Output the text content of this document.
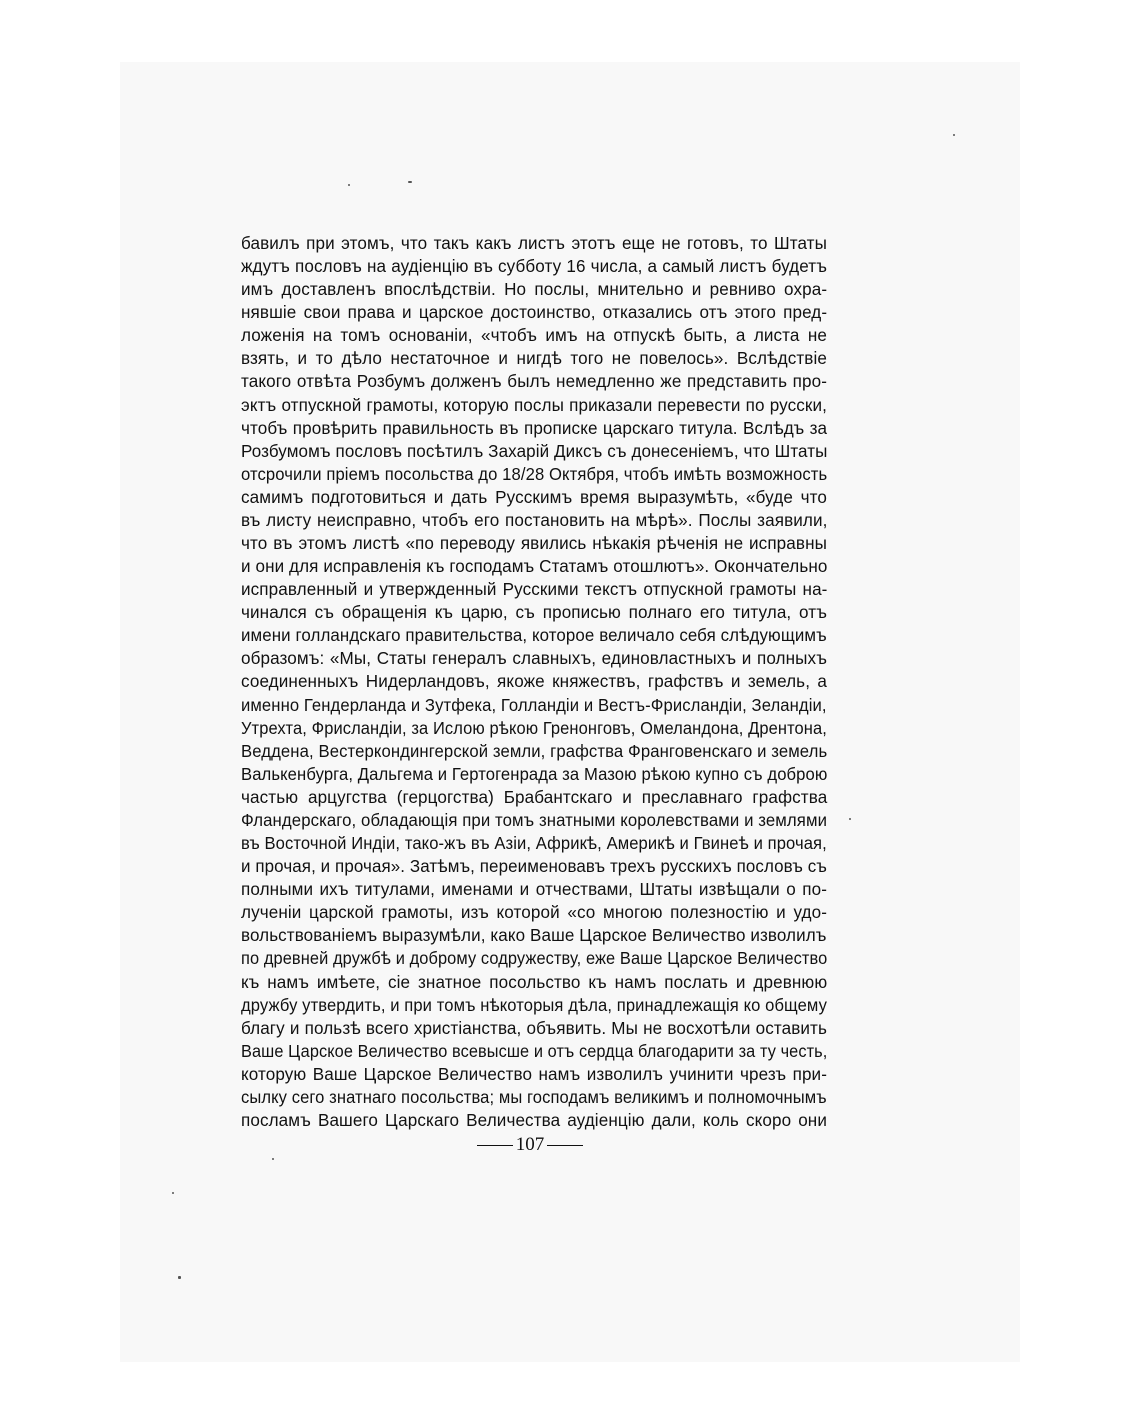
бавилъ при этомъ, что такъ какъ листъ этотъ еще не готовъ, то Штаты
ждутъ пословъ на аудiенцiю въ субботу 16 числа, а самый листъ будетъ
имъ доставленъ впослѣдствiи. Но послы, мнительно и ревниво охра-
нявшiе свои права и царское достоинство, отказались отъ этого пред-
ложенiя на томъ основанiи, «чтобъ имъ на отпускѣ быть, а листа не
взять, и то дѣло нестаточное и нигдѣ того не повелось». Вслѣдствiе
такого отвѣта Розбумъ долженъ былъ немедленно же представить про-
эктъ отпускной грамоты, которую послы приказали перевести по русски,
чтобъ провѣрить правильность въ прописке царскаго титула. Вслѣдъ за
Розбумомъ пословъ посѣтилъ Захарiй Диксъ съ донесенiемъ, что Штаты
отсрочили прiемъ посольства до 18/28 Октября, чтобъ имѣть возможность
самимъ подготовиться и дать Русскимъ время выразумѣть, «буде что
въ листу неисправно, чтобъ его постановить на мѣрѣ». Послы заявили,
что въ этомъ листѣ «по переводу явились нѣкакiя рѣченiя не исправны
и они для исправленiя къ господамъ Статамъ отошлютъ». Окончательно
исправленный и утвержденный Русскими текстъ отпускной грамоты на-
чинался съ обращенiя къ царю, съ прописью полнаго его титула, отъ
имени голландскаго правительства, которое величало себя слѣдующимъ
образомъ: «Мы, Статы генералъ славныхъ, единовластныхъ и полныхъ
соединенныхъ Нидерландовъ, якоже княжествъ, графствъ и земель, а
именно Гендерланда и Зутфека, Голландiи и Вестъ-Фрисландiи, Зеландiи,
Утрехта, Фрисландiи, за Ислою рѣкою Гренонговъ, Омеландона, Дрентона,
Веддена, Вестеркондингерской земли, графства Франговенскаго и земель
Валькенбурга, Дальгема и Гертогенрада за Мазою рѣкою купно съ доброю
частью арцугства (герцогства) Брабантскаго и преславнаго графства
Фландерскаго, обладающiя при томъ знатными королевствами и землями
въ Восточной Индiи, тако-жъ въ Азiи, Африкѣ, Америкѣ и Гвинеѣ и прочая,
и прочая, и прочая». Затѣмъ, переименовавъ трехъ русскихъ пословъ съ
полными ихъ титулами, именами и отчествами, Штаты извѣщали о по-
лученiи царской грамоты, изъ которой «со многою полезностiю и удо-
вольствованiемъ выразумѣли, како Ваше Царское Величество изволилъ
по древней дружбѣ и доброму содружеству, еже Ваше Царское Величество
къ намъ имѣете, сiе знатное посольство къ намъ послать и древнюю
дружбу утвердить, и при томъ нѣкоторыя дѣла, принадлежащiя ко общему
благу и пользѣ всего христiанства, объявить. Мы не восхотѣли оставить
Ваше Царское Величество всевысше и отъ сердца благодарити за ту честь,
которую Ваше Царское Величество намъ изволилъ учинити чрезъ при-
сылку сего знатнаго посольства; мы господамъ великимъ и полномочнымъ
посламъ Вашего Царскаго Величества аудiенцiю дали, коль скоро они
107
